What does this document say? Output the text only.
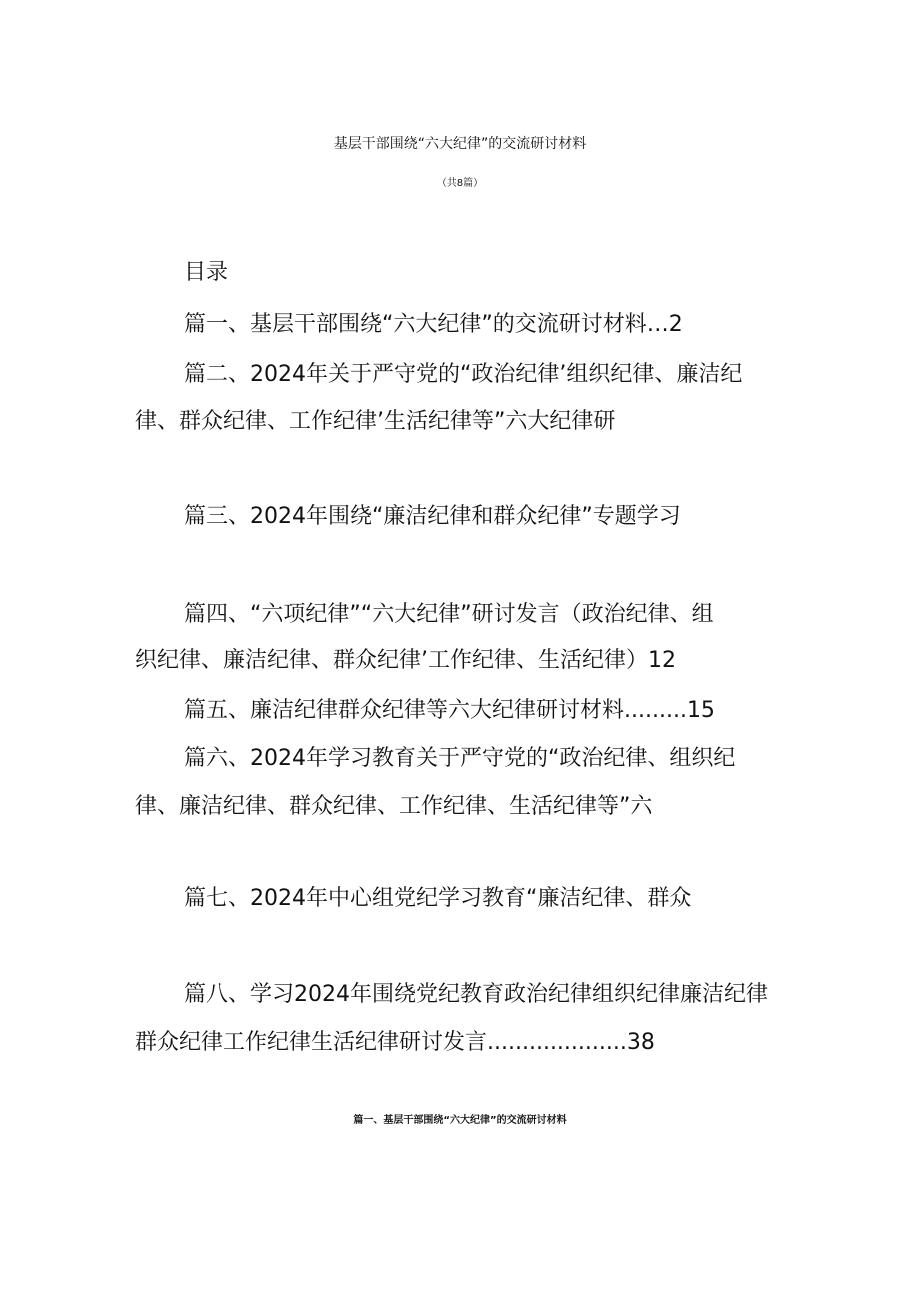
基层干部围绕“六大纪律”的交流研讨材料
（共8篇）
目录
篇一、基层干部围绕“六大纪律”的交流研讨材料…2
篇二、2024年关于严守党的“政治纪律’组织纪律、廉洁纪
律、群众纪律、工作纪律’生活纪律等”六大纪律研
篇三、2024年围绕“廉洁纪律和群众纪律”专题学习
篇四、“六项纪律”“六大纪律”研讨发言（政治纪律、组
织纪律、廉洁纪律、群众纪律’工作纪律、生活纪律）12
篇五、廉洁纪律群众纪律等六大纪律研讨材料.........15
篇六、2024年学习教育关于严守党的“政治纪律、组织纪
律、廉洁纪律、群众纪律、工作纪律、生活纪律等”六
篇七、2024年中心组党纪学习教育“廉洁纪律、群众
篇八、学习2024年围绕党纪教育政治纪律组织纪律廉洁纪律
群众纪律工作纪律生活纪律研讨发言....................38
篇一、基层干部围绕“六大纪律”的交流研讨材料
